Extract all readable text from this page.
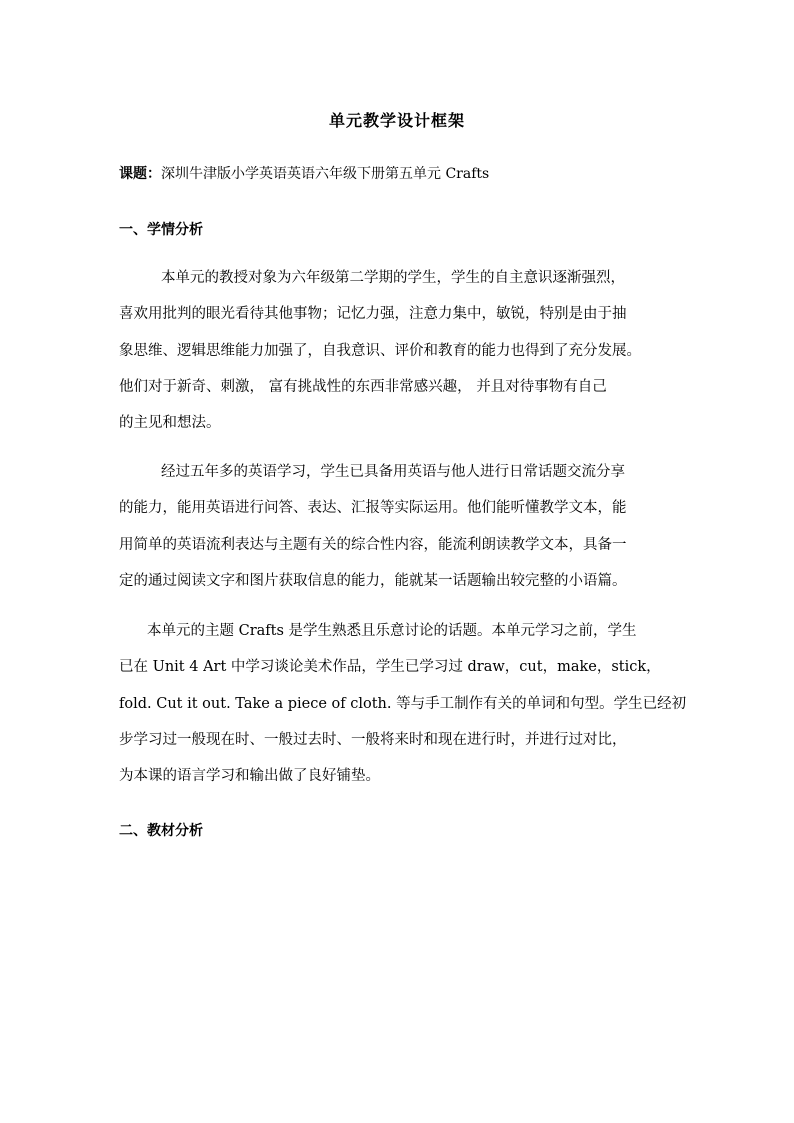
单元教学设计框架
课题：深圳牛津版小学英语英语六年级下册第五单元 Crafts
一、学情分析
本单元的教授对象为六年级第二学期的学生，学生的自主意识逐渐强烈，
喜欢用批判的眼光看待其他事物；记忆力强，注意力集中，敏锐，特别是由于抽
象思维、逻辑思维能力加强了，自我意识、评价和教育的能力也得到了充分发展。
他们对于新奇、刺激， 富有挑战性的东西非常感兴趣， 并且对待事物有自己
的主见和想法。
经过五年多的英语学习，学生已具备用英语与他人进行日常话题交流分享
的能力，能用英语进行问答、表达、汇报等实际运用。他们能听懂教学文本，能
用简单的英语流利表达与主题有关的综合性内容，能流利朗读教学文本，具备一
定的通过阅读文字和图片获取信息的能力，能就某一话题输出较完整的小语篇。
本单元的主题 Crafts 是学生熟悉且乐意讨论的话题。本单元学习之前，学生
已在 Unit 4 Art 中学习谈论美术作品，学生已学习过 draw，cut，make，stick，
fold. Cut it out. Take a piece of cloth. 等与手工制作有关的单词和句型。学生已经初
步学习过一般现在时、一般过去时、一般将来时和现在进行时，并进行过对比，
为本课的语言学习和输出做了良好铺垫。
二、教材分析
